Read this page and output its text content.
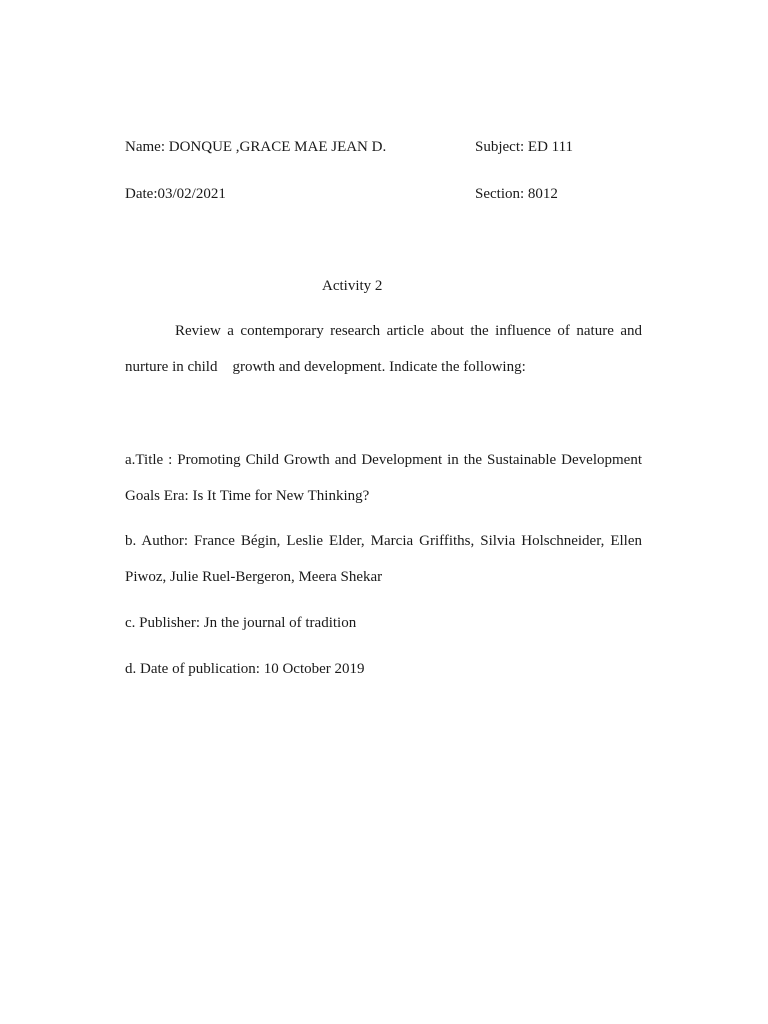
Name: DONQUE ,GRACE MAE JEAN D.	Subject: ED 111
Date:03/02/2021	Section: 8012
Activity 2
Review a contemporary research article about the influence of nature and
nurture in child    growth and development. Indicate the following:
a.Title : Promoting Child Growth and Development in the Sustainable Development
Goals Era: Is It Time for New Thinking?
b. Author: France Bégin, Leslie Elder, Marcia Griffiths, Silvia Holschneider, Ellen
Piwoz, Julie Ruel-Bergeron, Meera Shekar
c. Publisher: Jn the journal of tradition
d. Date of publication: 10 October 2019
